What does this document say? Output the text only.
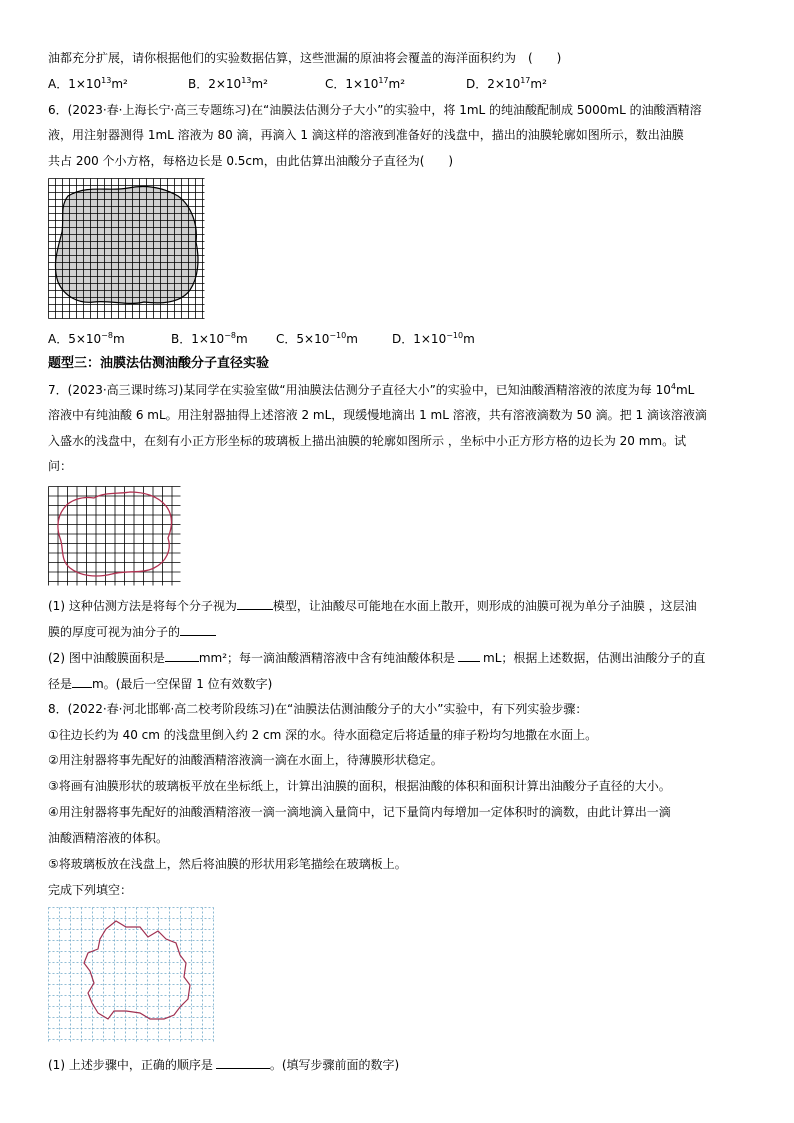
油都充分扩展，请你根据他们的实验数据估算，这些泄漏的原油将会覆盖的海洋面积约为　(　　)
A．$1\times 10^{13}m^2$	B．$2\times 10^{13}m^2$	C．$1\times 10^{17}m^2$	D．$2\times 10^{17}m^2$
6．(2023·春·上海长宁·高三专题练习)在“油膜法估测分子大小”的实验中，将 1mL 的纯油酸配制成 5000mL 的油酸酒精溶
液，用注射器测得 1mL 溶液为 80 滴，再滴入 1 滴这样的溶液到准备好的浅盘中，描出的油膜轮廓如图所示，数出油膜
共占 200 个小方格，每格边长是 0.5cm，由此估算出油酸分子直径为(　　)
A．$5\times 10^{-8}m$	B．$1\times 10^{-8}m$ C．$5\times 10^{-10}m$	D．$1\times 10^{-10}m$
题型三：油膜法估测油酸分子直径实验
7．(2023·高三课时练习)某同学在实验室做“用油膜法估测分子直径大小”的实验中，已知油酸酒精溶液的浓度为每 $10^4mL$
溶液中有纯油酸 6 mL。用注射器抽得上述溶液 2 mL，现缓慢地滴出 1 mL 溶液，共有溶液滴数为 50 滴。把 1 滴该溶液滴
入盛水的浅盘中，在刻有小正方形坐标的玻璃板上描出油膜的轮廓如图所示 ，坐标中小正方形方格的边长为 20 mm。试
问：
(1) 这种估测方法是将每个分子视为	模型，让油酸尽可能地在水面上散开，则形成的油膜可视为单分子油膜 ，这层油
膜的厚度可视为油分子的
(2) 图中油酸膜面积是	mm²；每一滴油酸酒精溶液中含有纯油酸体积是 mL；根据上述数据，估测出油酸分子的直
径是 m。(最后一空保留 1 位有效数字)
8．(2022·春·河北邯郸·高二校考阶段练习)在“油膜法估测油酸分子的大小”实验中，有下列实验步骤：
①往边长约为 40 cm 的浅盘里倒入约 2 cm 深的水。待水面稳定后将适量的痱子粉均匀地撒在水面上。
②用注射器将事先配好的油酸酒精溶液滴一滴在水面上，待薄膜形状稳定。
③将画有油膜形状的玻璃板平放在坐标纸上，计算出油膜的面积，根据油酸的体积和面积计算出油酸分子直径的大小。
④用注射器将事先配好的油酸酒精溶液一滴一滴地滴入量筒中，记下量筒内每增加一定体积时的滴数，由此计算出一滴
油酸酒精溶液的体积。
⑤将玻璃板放在浅盘上，然后将油膜的形状用彩笔描绘在玻璃板上。
完成下列填空：
(1) 上述步骤中，正确的顺序是	。(填写步骤前面的数字)
